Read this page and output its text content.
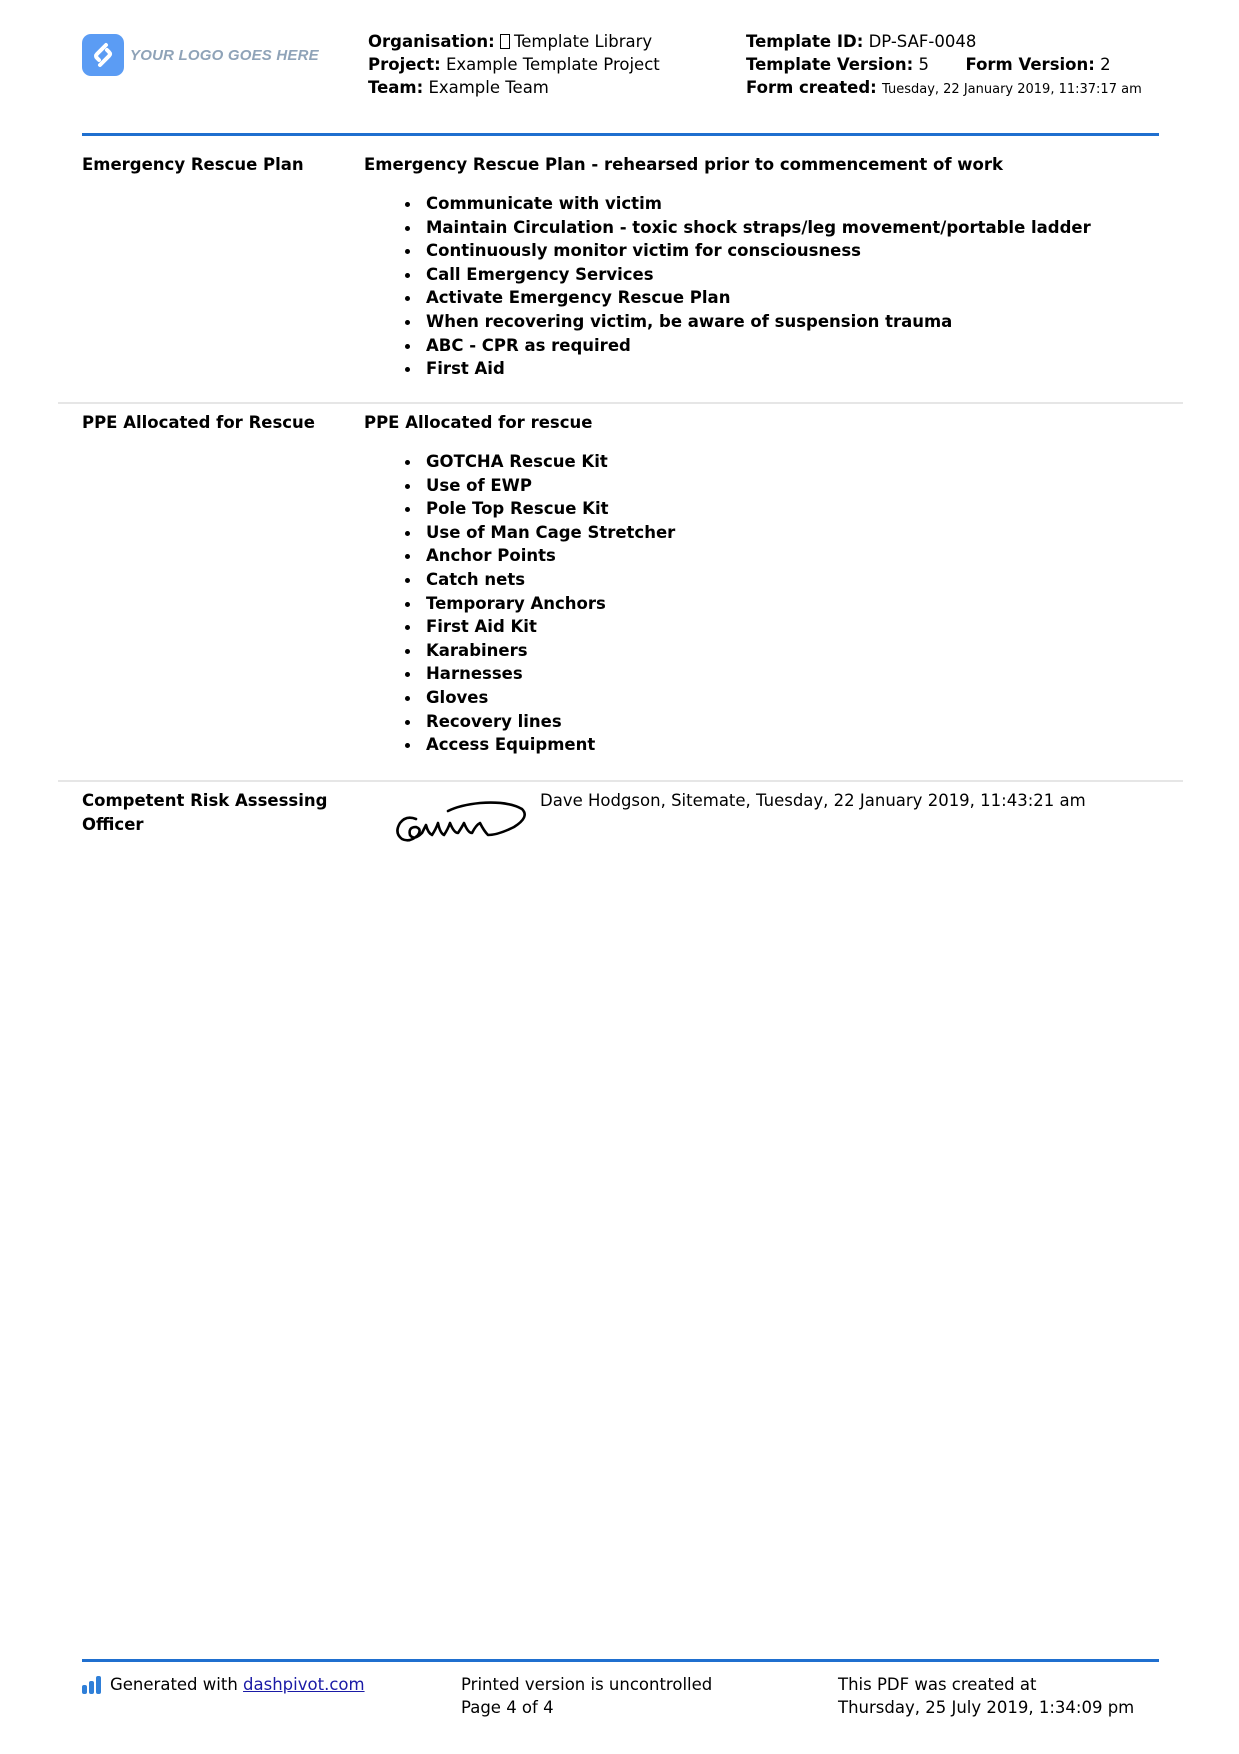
YOUR LOGO GOES HERE
Organisation: Template Library
Project: Example Template Project
Team: Example Team
Template ID: DP-SAF-0048
Template Version: 5 Form Version: 2
Form created: Tuesday, 22 January 2019, 11:37:17 am
Emergency Rescue Plan	Emergency Rescue Plan - rehearsed prior to commencement of work
Communicate with victim
Maintain Circulation - toxic shock straps/leg movement/portable ladder
Continuously monitor victim for consciousness
Call Emergency Services
Activate Emergency Rescue Plan
When recovering victim, be aware of suspension trauma
ABC - CPR as required
First Aid
PPE Allocated for Rescue	PPE Allocated for rescue
GOTCHA Rescue Kit
Use of EWP
Pole Top Rescue Kit
Use of Man Cage Stretcher
Anchor Points
Catch nets
Temporary Anchors
First Aid Kit
Karabiners
Harnesses
Gloves
Recovery lines
Access Equipment
Competent Risk Assessing Officer
Dave Hodgson, Sitemate, Tuesday, 22 January 2019, 11:43:21 am
Generated with
dashpivot.com	Printed version is uncontrolled
Page 4 of 4
This PDF was created at
Thursday, 25 July 2019, 1:34:09 pm
